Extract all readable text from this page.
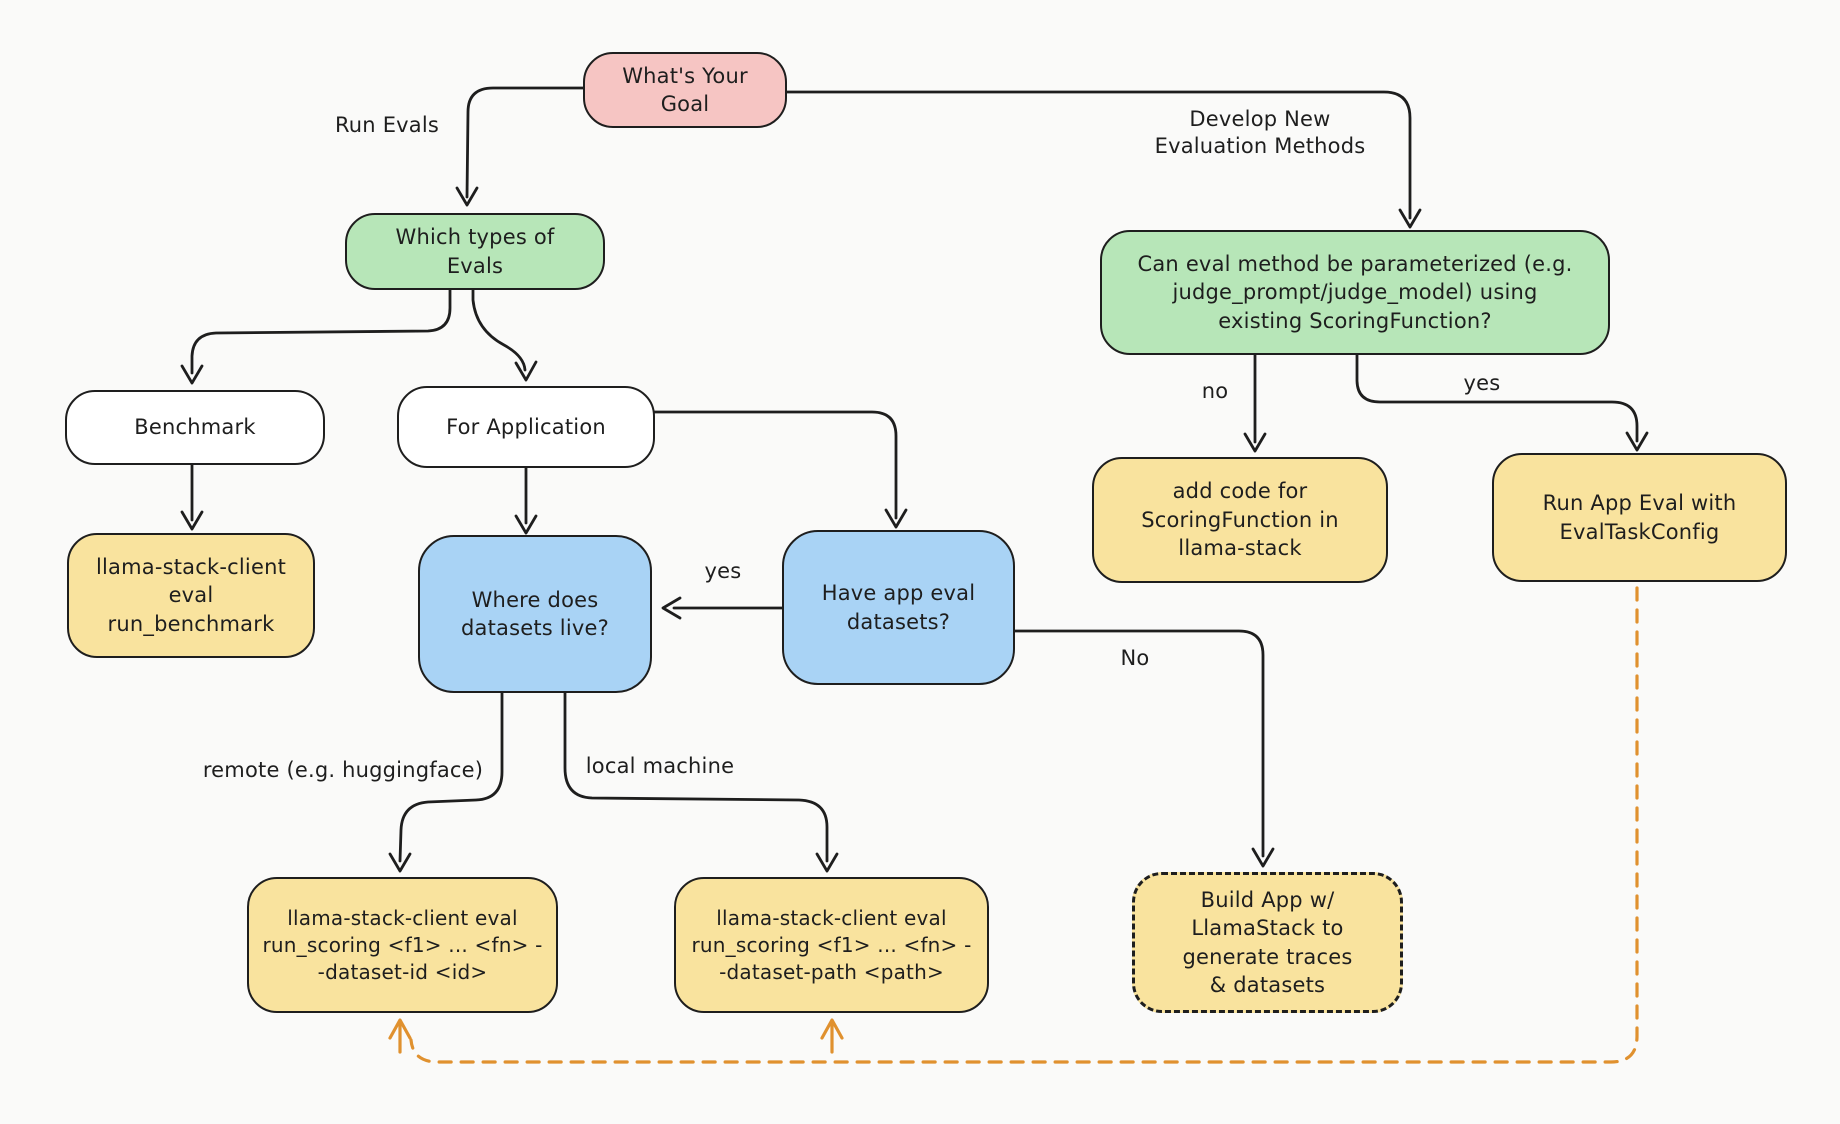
What's Your Goal
Which types of Evals
Benchmark	For Application
llama-stack-client eval run_benchmark
Where does datasets live?
Have app eval datasets?
Can eval method be parameterized (e.g. judge_prompt/judge_model) using existing ScoringFunction?
add code for ScoringFunction in llama-stack
Run App Eval with EvalTaskConfig
llama-stack-client eval run_scoring <f1> ... <fn> --dataset-id <id>
llama-stack-client eval run_scoring <f1> ... <fn> --dataset-path <path>
Build App w/ LlamaStack to generate traces & datasets
Run Evals	Develop New Evaluation Methods
yes
no	yes
No
remote (e.g. huggingface)	local machine
